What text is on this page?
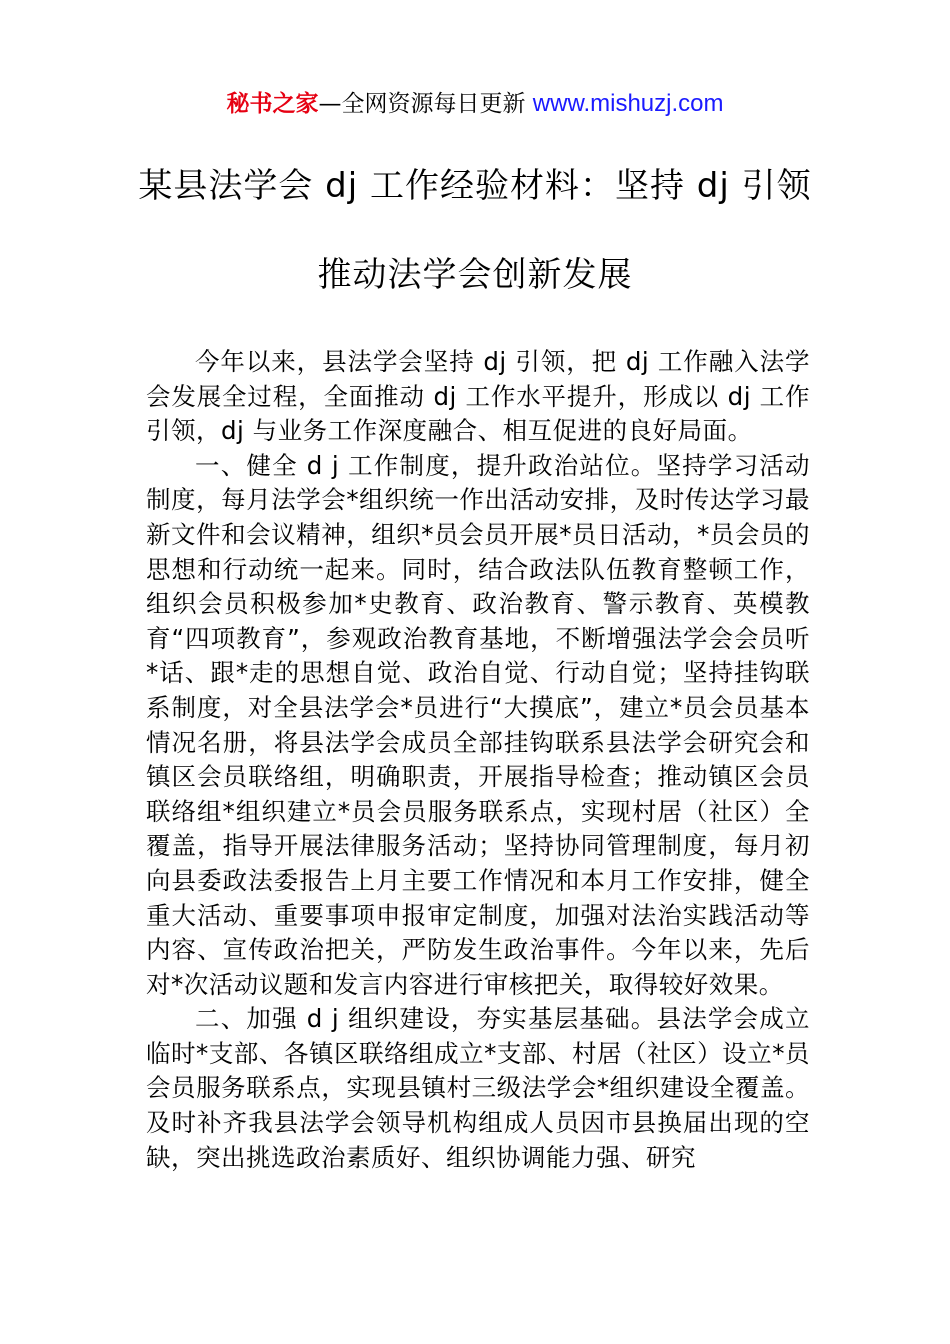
秘书之家—全网资源每日更新 www.mishuzj.com
某县法学会 dj 工作经验材料：坚持 dj 引领
推动法学会创新发展

今年以来，县法学会坚持 dj 引领，把 dj 工作融入法学会发展全过程，全面推动 dj 工作水平提升，形成以 dj 工作引领，dj 与业务工作深度融合、相互促进的良好局面。

一、健全 d j 工作制度，提升政治站位。坚持学习活动制度，每月法学会*组织统一作出活动安排，及时传达学习最新文件和会议精神，组织*员会员开展*员日活动，*员会员的思想和行动统一起来。同时，结合政法队伍教育整顿工作，组织会员积极参加*史教育、政治教育、警示教育、英模教育“四项教育”，参观政治教育基地，不断增强法学会会员听*话、跟*走的思想自觉、政治自觉、行动自觉；坚持挂钩联系制度，对全县法学会*员进行“大摸底”，建立*员会员基本情况名册，将县法学会成员全部挂钩联系县法学会研究会和镇区会员联络组，明确职责，开展指导检查；推动镇区会员联络组*组织建立*员会员服务联系点，实现村居（社区）全覆盖，指导开展法律服务活动；坚持协同管理制度，每月初向县委政法委报告上月主要工作情况和本月工作安排，健全重大活动、重要事项申报审定制度，加强对法治实践活动等内容、宣传政治把关，严防发生政治事件。今年以来，先后对*次活动议题和发言内容进行审核把关，取得较好效果。

二、加强 d j 组织建设，夯实基层基础。县法学会成立临时*支部、各镇区联络组成立*支部、村居（社区）设立*员会员服务联系点，实现县镇村三级法学会*组织建设全覆盖。及时补齐我县法学会领导机构组成人员因市县换届出现的空缺，突出挑选政治素质好、组织协调能力强、研究
